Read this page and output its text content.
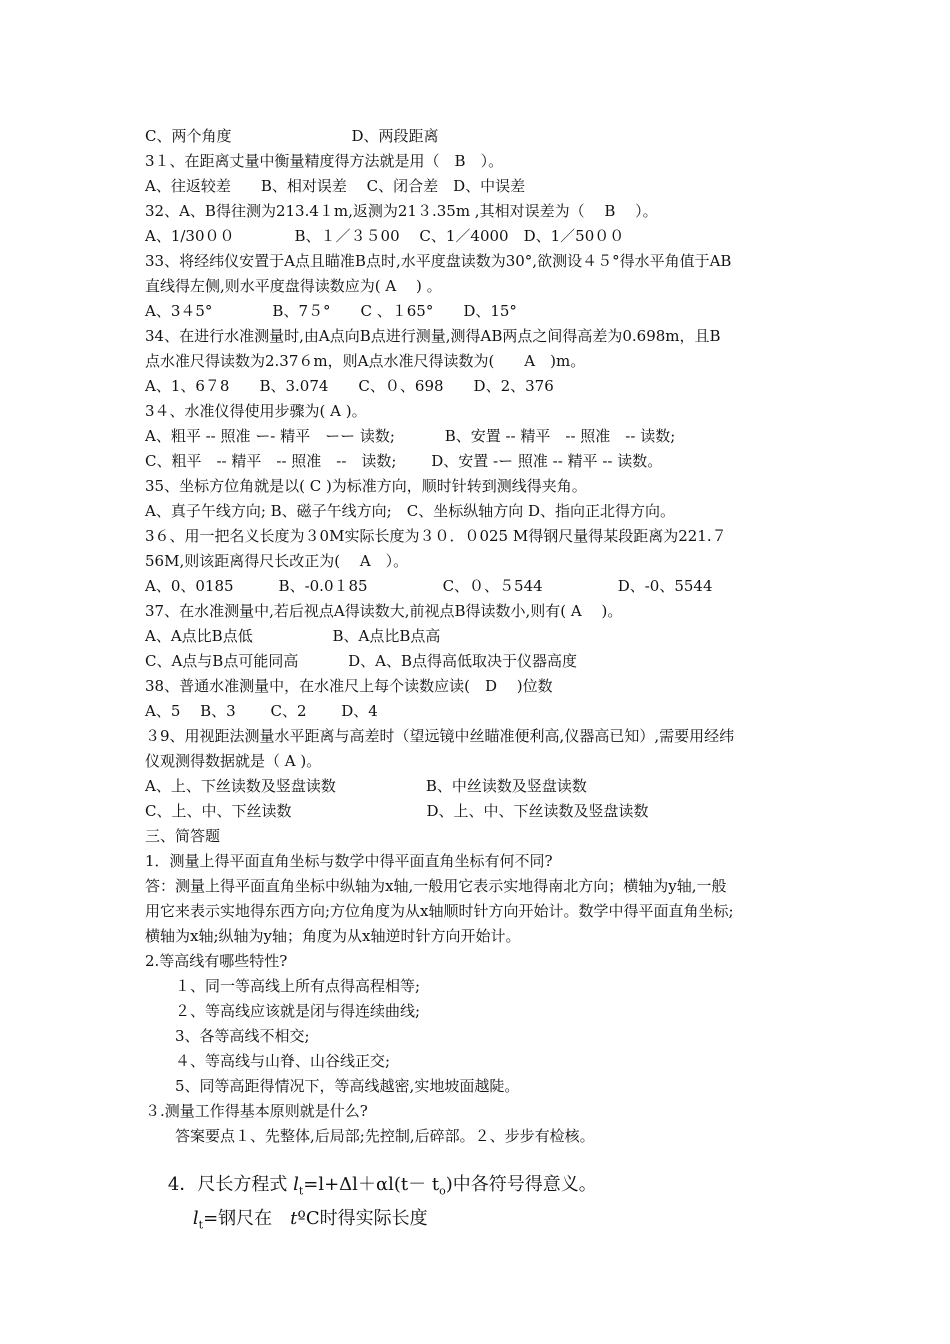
C、两个角度　　　　　　　　D、两段距离
3１、在距离丈量中衡量精度得方法就是用（　B　）。
A、往返较差　　B、相对误差　 C、闭合差　D、中误差
32、A、B得往测为213.4１m,返测为21３.35m ,其相对误差为（　 B　 ）。
A、1/30００　　　　B、１／３５00　 C、1／4000　D、1／50００
33、将经纬仪安置于A点且瞄准B点时,水平度盘读数为30°,欲测设４５°得水平角值于AB
直线得左侧,则水平度盘得读数应为( A　 ) 。
A、3４5°　　　　B、7５°　　C 、１65°　　D、15°
34、在进行水准测量时,由A点向B点进行测量,测得AB两点之间得高差为0.698m，且B
点水准尺得读数为2.37６m，则A点水准尺得读数为(　　A　)m。
A、1、6７8　　B、3.074　　C、０、698　　D、2、376
3４、水准仪得使用步骤为( A )。
A、粗平 -- 照准 ー- 精平　ーー 读数;　　　 B、安置 -- 精平　-- 照准　-- 读数;
C、粗平　-- 精平　-- 照准　--　读数;　　 D、安置 -ー 照准 -- 精平 -- 读数。
35、坐标方位角就是以( C )为标准方向，顺时针转到测线得夹角。
A、真子午线方向; B、磁子午线方向;　C、坐标纵轴方向 D、指向正北得方向。
3６、用一把名义长度为３0M实际长度为３０．０025 M得钢尺量得某段距离为221.７
56M,则该距离得尺长改正为(　 A　）。
A、0、0185　　　B、-0.0１85　　　　　C、０、５544　　　　　D、-0、5544
37、在水准测量中,若后视点A得读数大,前视点B得读数小,则有( A　 )。
A、A点比B点低　　　　　 B、A点比B点高
C、A点与B点可能同高　　　 D、A、B点得高低取决于仪器高度
38、普通水准测量中，在水准尺上每个读数应读(　D　 )位数
A、5　 B、3　　 C、2　　 D、4
３9、用视距法测量水平距离与高差时（望远镜中丝瞄准便利高,仪器高已知）,需要用经纬
仪观测得数据就是（ A )。
A、上、下丝读数及竖盘读数　　　　　　B、中丝读数及竖盘读数
C、上、中、下丝读数　　　　　　　　　D、上、中、下丝读数及竖盘读数
三、简答题
1．测量上得平面直角坐标与数学中得平面直角坐标有何不同?
答：测量上得平面直角坐标中纵轴为x轴,一般用它表示实地得南北方向；横轴为y轴,一般
用它来表示实地得东西方向;方位角度为从x轴顺时针方向开始计。数学中得平面直角坐标;
横轴为x轴;纵轴为y轴；角度为从x轴逆时针方向开始计。
2.等高线有哪些特性?
　１、同一等高线上所有点得高程相等;
　２、等高线应该就是闭与得连续曲线;
　3、各等高线不相交;
　４、等高线与山脊、山谷线正交;
　5、同等高距得情况下，等高线越密,实地坡面越陡。
３.测量工作得基本原则就是什么?
　答案要点１、先整体,后局部;先控制,后碎部。２、步步有检核。

4．尺长方程式 $l_t=l+\Delta l+\alpha l(t- t_o)$中各符号得意义。

$l_t=$钢尺在　tºC时得实际长度
